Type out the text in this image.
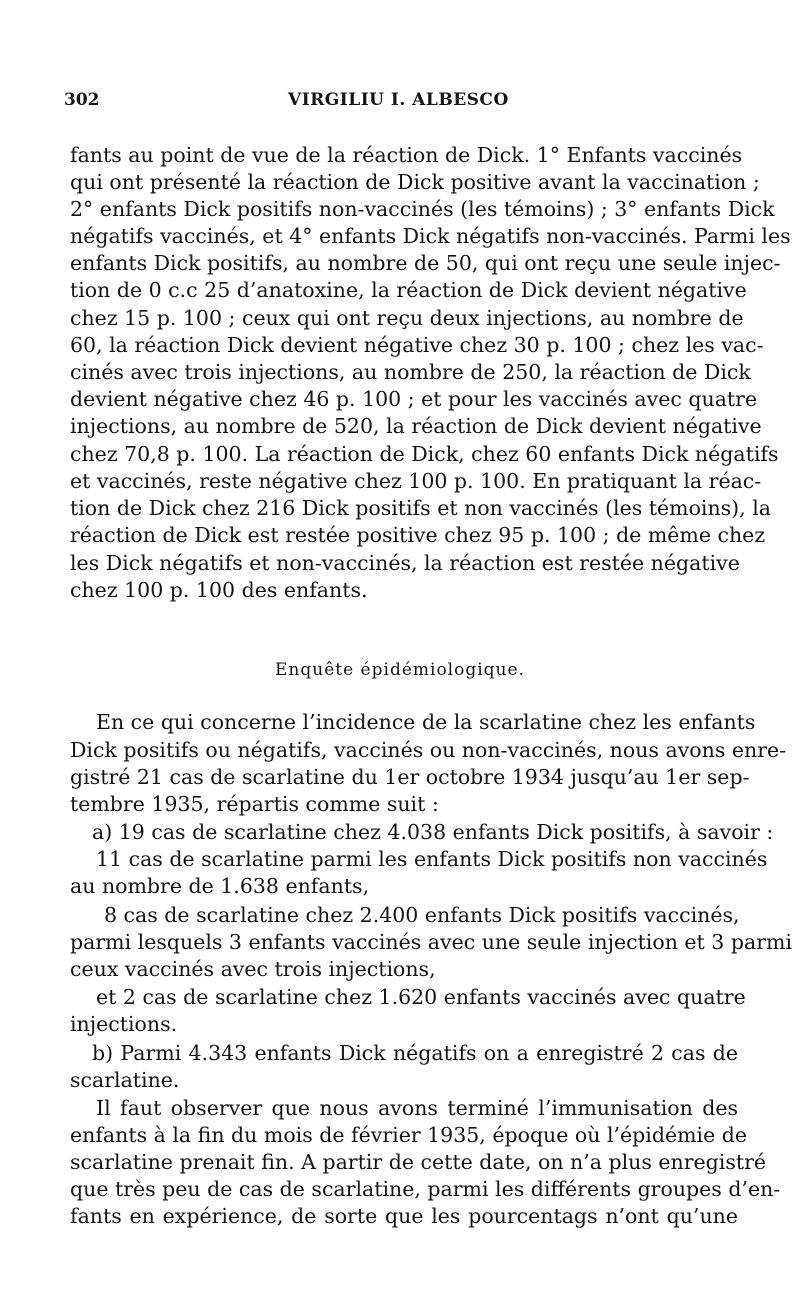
302	VIRGILIU I. ALBESCO
fants au point de vue de la réaction de Dick. 1° Enfants vaccinés
qui ont présenté la réaction de Dick positive avant la vaccination ;
2° enfants Dick positifs non-vaccinés (les témoins) ; 3° enfants Dick
négatifs vaccinés, et 4° enfants Dick négatifs non-vaccinés. Parmi les
enfants Dick positifs, au nombre de 50, qui ont reçu une seule injec-
tion de 0 c.c 25 d’anatoxine, la réaction de Dick devient négative
chez 15 p. 100 ; ceux qui ont reçu deux injections, au nombre de
60, la réaction Dick devient négative chez 30 p. 100 ; chez les vac-
cinés avec trois injections, au nombre de 250, la réaction de Dick
devient négative chez 46 p. 100 ; et pour les vaccinés avec quatre
injections, au nombre de 520, la réaction de Dick devient négative
chez 70,8 p. 100. La réaction de Dick, chez 60 enfants Dick négatifs
et vaccinés, reste négative chez 100 p. 100. En pratiquant la réac-
tion de Dick chez 216 Dick positifs et non vaccinés (les témoins), la
réaction de Dick est restée positive chez 95 p. 100 ; de même chez
les Dick négatifs et non-vaccinés, la réaction est restée négative
chez 100 p. 100 des enfants.
Enquête épidémiologique.
En ce qui concerne l’incidence de la scarlatine chez les enfants
Dick positifs ou négatifs, vaccinés ou non-vaccinés, nous avons enre-
gistré 21 cas de scarlatine du 1er octobre 1934 jusqu’au 1er sep-
tembre 1935, répartis comme suit :
a) 19 cas de scarlatine chez 4.038 enfants Dick positifs, à savoir :
11 cas de scarlatine parmi les enfants Dick positifs non vaccinés
au nombre de 1.638 enfants,
8 cas de scarlatine chez 2.400 enfants Dick positifs vaccinés,
parmi lesquels 3 enfants vaccinés avec une seule injection et 3 parmi
ceux vaccinés avec trois injections,
et 2 cas de scarlatine chez 1.620 enfants vaccinés avec quatre
injections.
b) Parmi 4.343 enfants Dick négatifs on a enregistré 2 cas de
scarlatine.
Il faut observer que nous avons terminé l’immunisation des
enfants à la fin du mois de février 1935, époque où l’épidémie de
scarlatine prenait fin. A partir de cette date, on n’a plus enregistré
que très peu de cas de scarlatine, parmi les différents groupes d’en-
fants en expérience, de sorte que les pourcentags n’ont qu’une
